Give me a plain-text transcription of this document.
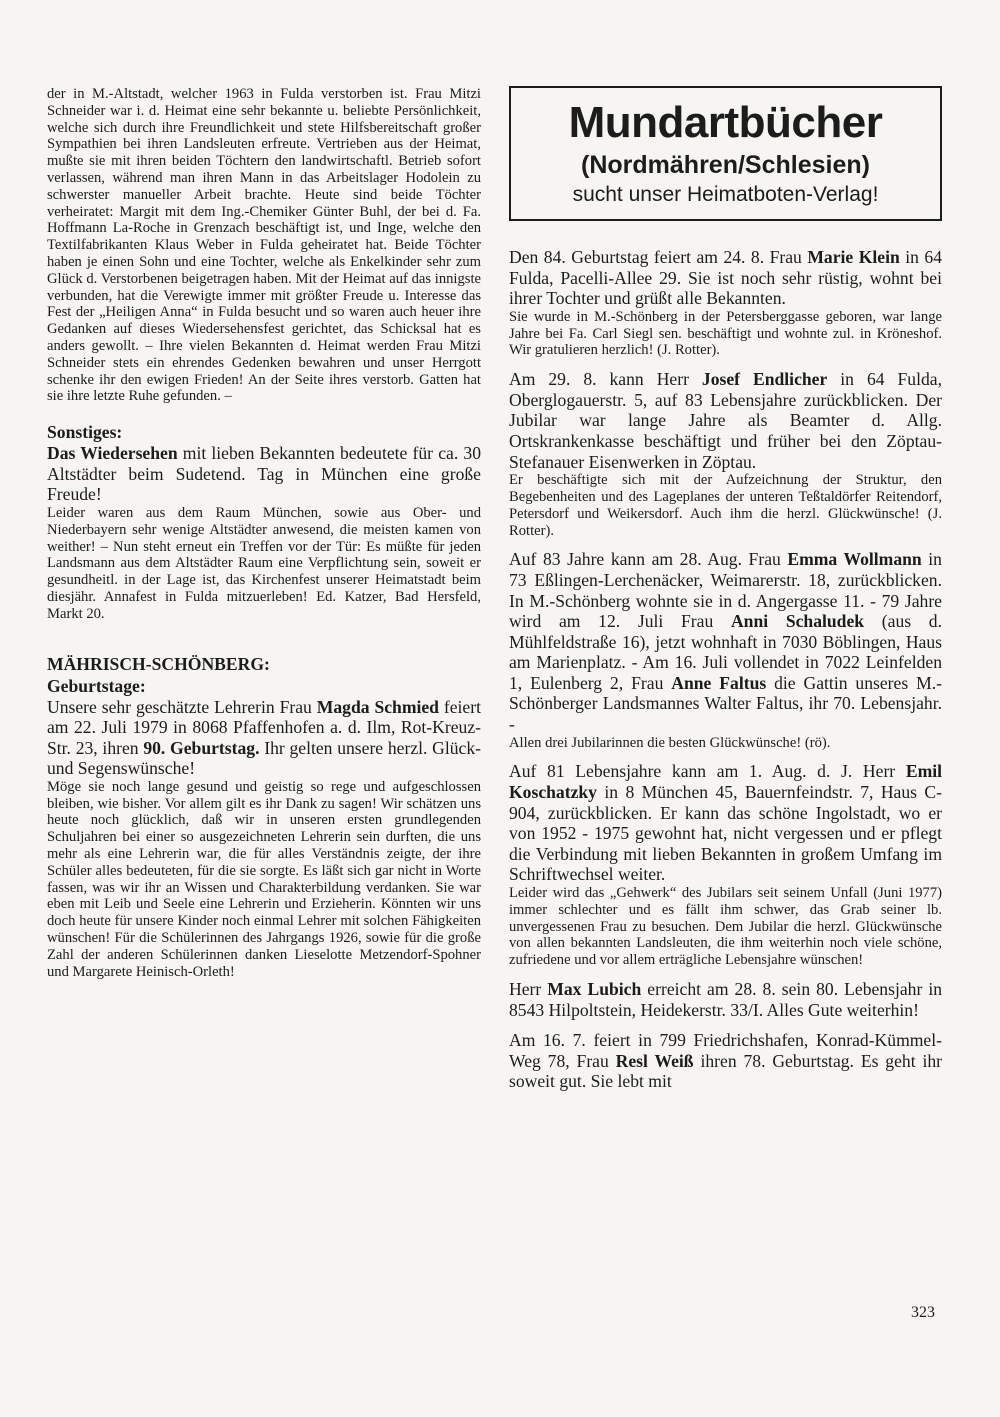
der in M.-Altstadt, welcher 1963 in Fulda verstorben ist. Frau Mitzi Schneider war i. d. Heimat eine sehr bekannte u. beliebte Persönlichkeit, welche sich durch ihre Freundlichkeit und stete Hilfsbereitschaft großer Sympathien bei ihren Landsleuten erfreute. Vertrieben aus der Heimat, mußte sie mit ihren beiden Töchtern den landwirtschaftl. Betrieb sofort verlassen, während man ihren Mann in das Arbeitslager Hodolein zu schwerster manueller Arbeit brachte. Heute sind beide Töchter verheiratet: Margit mit dem Ing.-Chemiker Günter Buhl, der bei d. Fa. Hoffmann La-Roche in Grenzach beschäftigt ist, und Inge, welche den Textilfabrikanten Klaus Weber in Fulda geheiratet hat. Beide Töchter haben je einen Sohn und eine Tochter, welche als Enkelkinder sehr zum Glück d. Verstorbenen beigetragen haben. Mit der Heimat auf das innigste verbunden, hat die Verewigte immer mit größter Freude u. Interesse das Fest der „Heiligen Anna“ in Fulda besucht und so waren auch heuer ihre Gedanken auf dieses Wiedersehensfest gerichtet, das Schicksal hat es anders gewollt. – Ihre vielen Bekannten d. Heimat werden Frau Mitzi Schneider stets ein ehrendes Gedenken bewahren und unser Herrgott schenke ihr den ewigen Frieden! An der Seite ihres verstorb. Gatten hat sie ihre letzte Ruhe gefunden. –

Sonstiges:

Das Wiedersehen mit lieben Bekannten bedeutete für ca. 30 Altstädter beim Sudetend. Tag in München eine große Freude!

Leider waren aus dem Raum München, sowie aus Ober- und Niederbayern sehr wenige Altstädter anwesend, die meisten kamen von weither! – Nun steht erneut ein Treffen vor der Tür: Es müßte für jeden Landsmann aus dem Altstädter Raum eine Verpflichtung sein, soweit er gesundheitl. in der Lage ist, das Kirchenfest unserer Heimatstadt beim diesjähr. Annafest in Fulda mitzuerleben! Ed. Katzer, Bad Hersfeld, Markt 20.

MÄHRISCH-SCHÖNBERG:
Geburtstage:

Unsere sehr geschätzte Lehrerin Frau Magda Schmied feiert am 22. Juli 1979 in 8068 Pfaffenhofen a. d. Ilm, Rot-Kreuz-Str. 23, ihren 90. Geburtstag. Ihr gelten unsere herzl. Glück- und Segenswünsche!

Möge sie noch lange gesund und geistig so rege und aufgeschlossen bleiben, wie bisher. Vor allem gilt es ihr Dank zu sagen! Wir schätzen uns heute noch glücklich, daß wir in unseren ersten grundlegenden Schuljahren bei einer so ausgezeichneten Lehrerin sein durften, die uns mehr als eine Lehrerin war, die für alles Verständnis zeigte, der ihre Schüler alles bedeuteten, für die sie sorgte. Es läßt sich gar nicht in Worte fassen, was wir ihr an Wissen und Charakterbildung verdanken. Sie war eben mit Leib und Seele eine Lehrerin und Erzieherin. Könnten wir uns doch heute für unsere Kinder noch einmal Lehrer mit solchen Fähigkeiten wünschen! Für die Schülerinnen des Jahrgangs 1926, sowie für die große Zahl der anderen Schülerinnen danken Lieselotte Metzendorf-Spohner und Margarete Heinisch-Orleth!

Mundartbücher
(Nordmähren/Schlesien)
sucht unser Heimatboten-Verlag!

Den 84. Geburtstag feiert am 24. 8. Frau Marie Klein in 64 Fulda, Pacelli-Allee 29. Sie ist noch sehr rüstig, wohnt bei ihrer Tochter und grüßt alle Bekannten.

Sie wurde in M.-Schönberg in der Petersberggasse geboren, war lange Jahre bei Fa. Carl Siegl sen. beschäftigt und wohnte zul. in Kröneshof. Wir gratulieren herzlich! (J. Rotter).

Am 29. 8. kann Herr Josef Endlicher in 64 Fulda, Oberglogauerstr. 5, auf 83 Lebensjahre zurückblicken. Der Jubilar war lange Jahre als Beamter d. Allg. Ortskrankenkasse beschäftigt und früher bei den Zöptau-Stefanauer Eisenwerken in Zöptau.

Er beschäftigte sich mit der Aufzeichnung der Struktur, den Begebenheiten und des Lageplanes der unteren Teßtaldörfer Reitendorf, Petersdorf und Weikersdorf. Auch ihm die herzl. Glückwünsche! (J. Rotter).

Auf 83 Jahre kann am 28. Aug. Frau Emma Wollmann in 73 Eßlingen-Lerchenäcker, Weimarerstr. 18, zurückblicken. In M.-Schönberg wohnte sie in d. Angergasse 11. - 79 Jahre wird am 12. Juli Frau Anni Schaludek (aus d. Mühlfeldstraße 16), jetzt wohnhaft in 7030 Böblingen, Haus am Marienplatz. - Am 16. Juli vollendet in 7022 Leinfelden 1, Eulenberg 2, Frau Anne Faltus die Gattin unseres M.-Schönberger Landsmannes Walter Faltus, ihr 70. Lebensjahr. -

Allen drei Jubilarinnen die besten Glückwünsche! (rö).

Auf 81 Lebensjahre kann am 1. Aug. d. J. Herr Emil Koschatzky in 8 München 45, Bauernfeindstr. 7, Haus C-904, zurückblicken. Er kann das schöne Ingolstadt, wo er von 1952 - 1975 gewohnt hat, nicht vergessen und er pflegt die Verbindung mit lieben Bekannten in großem Umfang im Schriftwechsel weiter.

Leider wird das „Gehwerk“ des Jubilars seit seinem Unfall (Juni 1977) immer schlechter und es fällt ihm schwer, das Grab seiner lb. unvergessenen Frau zu besuchen. Dem Jubilar die herzl. Glückwünsche von allen bekannten Landsleuten, die ihm weiterhin noch viele schöne, zufriedene und vor allem erträgliche Lebensjahre wünschen!

Herr Max Lubich erreicht am 28. 8. sein 80. Lebensjahr in 8543 Hilpoltstein, Heidekerstr. 33/I. Alles Gute weiterhin!

Am 16. 7. feiert in 799 Friedrichshafen, Konrad-Kümmel-Weg 78, Frau Resl Weiß ihren 78. Geburtstag. Es geht ihr soweit gut. Sie lebt mit

323
